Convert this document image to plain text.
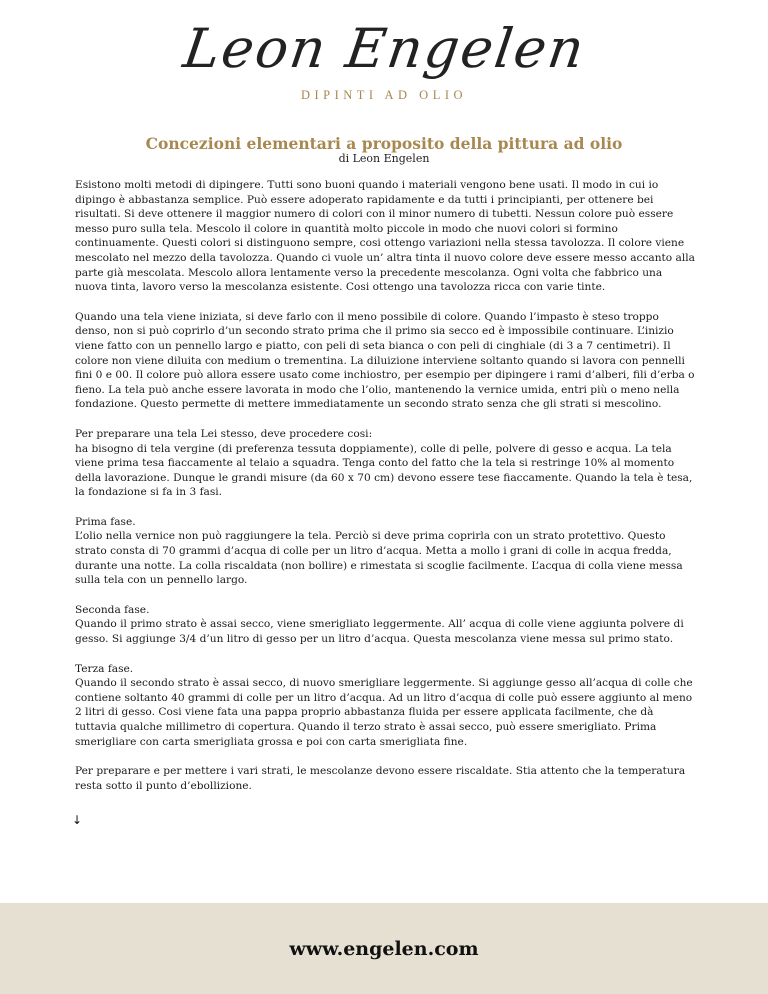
Leon Engelen
DIPINTI AD OLIO
Concezioni elementari a proposito della pittura ad olio
di Leon Engelen

Esistono molti metodi di dipingere. Tutti sono buoni quando i materiali vengono bene usati. Il modo in cui io dipingo è abbastanza semplice. Può essere adoperato rapidamente e da tutti i principianti, per ottenere bei risultati. Si deve ottenere il maggior numero di colori con il minor numero di tubetti. Nessun colore può essere messo puro sulla tela. Mescolo il colore in quantità molto piccole in modo che nuovi colori si formino continuamente. Questi colori si distinguono sempre, cosi ottengo variazioni nella stessa tavolozza. Il colore viene mescolato nel mezzo della tavolozza. Quando ci vuole un’ altra tinta il nuovo colore deve essere messo accanto alla parte già mescolata. Mescolo allora lentamente verso la precedente mescolanza. Ogni volta che fabbrico una nuova tinta, lavoro verso la mescolanza esistente. Cosi ottengo una tavolozza ricca con varie tinte.

Quando una tela viene iniziata, si deve farlo con il meno possibile di colore. Quando l’impasto è steso troppo denso, non si può coprirlo d’un secondo strato prima che il primo sia secco ed è impossibile continuare. L’inizio viene fatto con un pennello largo e piatto, con peli di seta bianca o con peli di cinghiale (di 3 a 7 centimetri). Il colore non viene diluita con medium o trementina. La diluizione interviene soltanto quando si lavora con pennelli fini 0 e 00. Il colore può allora essere usato come inchiostro, per esempio per dipingere i rami d’alberi, fili d’erba o fieno. La tela può anche essere lavorata in modo che l’olio, mantenendo la vernice umida, entri più o meno nella fondazione. Questo permette di mettere immediatamente un secondo strato senza che gli strati si mescolino.

Per preparare una tela Lei stesso, deve procedere cosi:
ha bisogno di tela vergine (di preferenza tessuta doppiamente), colle di pelle, polvere di gesso e acqua. La tela viene prima tesa fiaccamente al telaio a squadra. Tenga conto del fatto che la tela si restringe 10% al momento della lavorazione. Dunque le grandi misure (da 60 x 70 cm) devono essere tese fiaccamente. Quando la tela è tesa, la fondazione si fa in 3 fasi.

Prima fase.
L’olio nella vernice non può raggiungere la tela. Perciò si deve prima coprirla con un strato protettivo. Questo strato consta di 70 grammi d’acqua di colle per un litro d’acqua. Metta a mollo i grani di colle in acqua fredda, durante una notte. La colla riscaldata (non bollire) e rimestata si scoglie facilmente. L’acqua di colla viene messa sulla tela con un pennello largo.

Seconda fase.
Quando il primo strato è assai secco, viene smerigliato leggermente. All’ acqua di colle viene aggiunta polvere di gesso. Si aggiunge 3/4 d’un litro di gesso per un litro d’acqua. Questa mescolanza viene messa sul primo stato.

Terza fase.
Quando il secondo strato è assai secco, di nuovo smerigliare leggermente. Si aggiunge gesso all’acqua di colle che contiene soltanto 40 grammi di colle per un litro d’acqua. Ad un litro d’acqua di colle può essere aggiunto al meno 2 litri di gesso. Cosi viene fata una pappa proprio abbastanza fluida per essere applicata facilmente, che dà tuttavia qualche millimetro di copertura. Quando il terzo strato è assai secco, può essere smerigliato. Prima smerigliare con carta smerigliata grossa e poi con carta smerigliata fine.

Per preparare e per mettere i vari strati, le mescolanze devono essere riscaldate. Stia attento che la temperatura resta sotto il punto d’ebollizione.

↓
www.engelen.com
